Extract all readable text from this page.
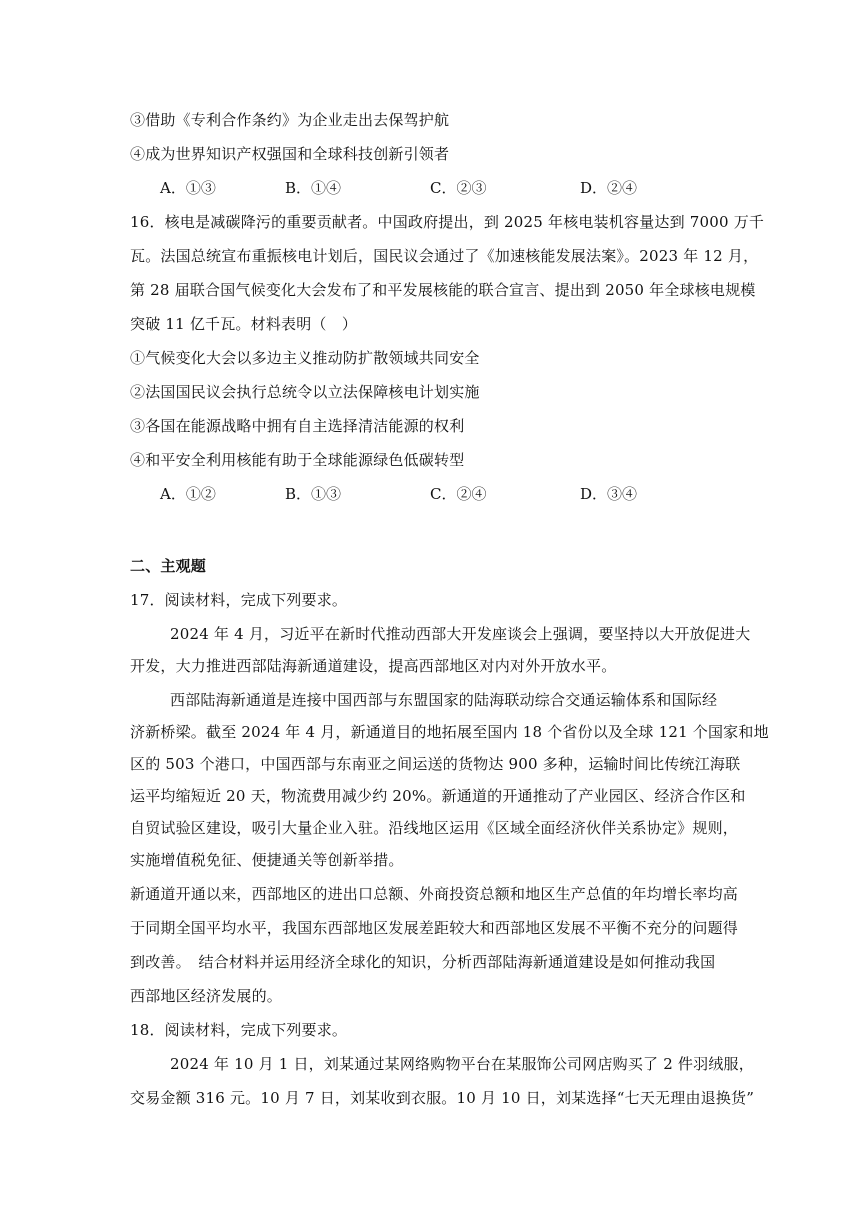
③借助《专利合作条约》为企业走出去保驾护航
④成为世界知识产权强国和全球科技创新引领者
A．①③	B．①④	C．②③	D．②④
16．核电是减碳降污的重要贡献者。中国政府提出，到 2025 年核电装机容量达到 7000 万千
瓦。法国总统宣布重振核电计划后，国民议会通过了《加速核能发展法案》。2023 年 12 月，
第 28 届联合国气候变化大会发布了和平发展核能的联合宣言、提出到 2050 年全球核电规模
突破 11 亿千瓦。材料表明（　）
①气候变化大会以多边主义推动防扩散领域共同安全
②法国国民议会执行总统令以立法保障核电计划实施
③各国在能源战略中拥有自主选择清洁能源的权利
④和平安全利用核能有助于全球能源绿色低碳转型
A．①②	B．①③	C．②④	D．③④
二、主观题
17．阅读材料，完成下列要求。
2024 年 4 月，习近平在新时代推动西部大开发座谈会上强调，要坚持以大开放促进大
开发，大力推进西部陆海新通道建设，提高西部地区对内对外开放水平。
西部陆海新通道是连接中国西部与东盟国家的陆海联动综合交通运输体系和国际经
济新桥梁。截至 2024 年 4 月，新通道目的地拓展至国内 18 个省份以及全球 121 个国家和地
区的 503 个港口，中国西部与东南亚之间运送的货物达 900 多种，运输时间比传统江海联
运平均缩短近 20 天，物流费用减少约 20%。新通道的开通推动了产业园区、经济合作区和
自贸试验区建设，吸引大量企业入驻。沿线地区运用《区域全面经济伙伴关系协定》规则，
实施增值税免征、便捷通关等创新举措。
新通道开通以来，西部地区的进出口总额、外商投资总额和地区生产总值的年均增长率均高
于同期全国平均水平，我国东西部地区发展差距较大和西部地区发展不平衡不充分的问题得
到改善。　结合材料并运用经济全球化的知识，分析西部陆海新通道建设是如何推动我国
西部地区经济发展的。
18．阅读材料，完成下列要求。
2024 年 10 月 1 日，刘某通过某网络购物平台在某服饰公司网店购买了 2 件羽绒服，
交易金额 316 元。10 月 7 日，刘某收到衣服。10 月 10 日，刘某选择“七天无理由退换货”
